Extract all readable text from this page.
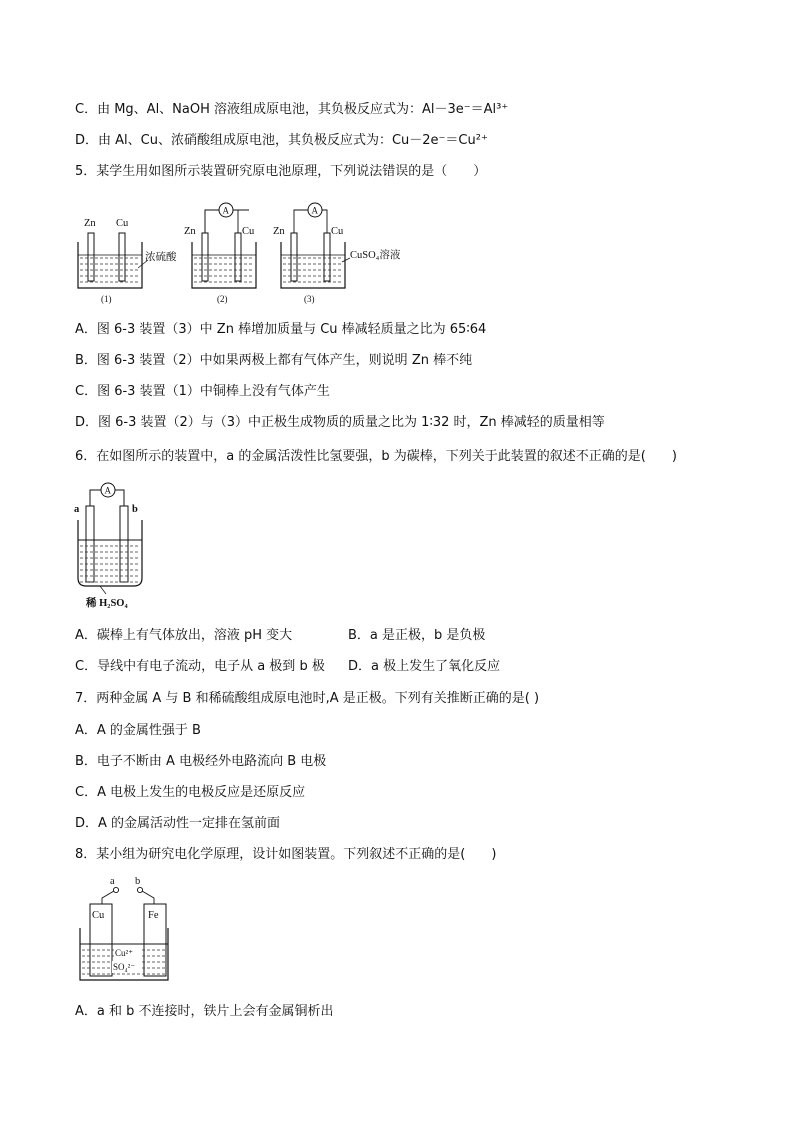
C．由 Mg、Al、NaOH 溶液组成原电池，其负极反应式为：Al－3e⁻＝Al³⁺
D．由 Al、Cu、浓硝酸组成原电池，其负极反应式为：Cu－2e⁻＝Cu²⁺
5．某学生用如图所示装置研究原电池原理，下列说法错误的是（　　）
Zn Cu
(1)
浓硫酸
A
Zn	Cu
(2)
A
Zn	Cu
(3)
CuSO₄溶液
A．图 6-3 装置（3）中 Zn 棒增加质量与 Cu 棒减轻质量之比为 65∶64
B．图 6-3 装置（2）中如果两极上都有气体产生，则说明 Zn 棒不纯
C．图 6-3 装置（1）中铜棒上没有气体产生
D．图 6-3 装置（2）与（3）中正极生成物质的质量之比为 1∶32 时，Zn 棒减轻的质量相等
6．在如图所示的装置中，a 的金属活泼性比氢要强，b 为碳棒，下列关于此装置的叙述不正确的是(　　)
A
a	b
稀 H₂SO₄
A．碳棒上有气体放出，溶液 pH 变大	B．a 是正极，b 是负极
C．导线中有电子流动，电子从 a 极到 b 极 D．a 极上发生了氧化反应
7．两种金属 A 与 B 和稀硫酸组成原电池时,A 是正极。下列有关推断正确的是( )
A．A 的金属性强于 B
B．电子不断由 A 电极经外电路流向 B 电极
C．A 电极上发生的电极反应是还原反应
D．A 的金属活动性一定排在氢前面
8．某小组为研究电化学原理，设计如图装置。下列叙述不正确的是(　　)
a b
Cu	Fe
Cu²⁺
SO₄²⁻
A．a 和 b 不连接时，铁片上会有金属铜析出
